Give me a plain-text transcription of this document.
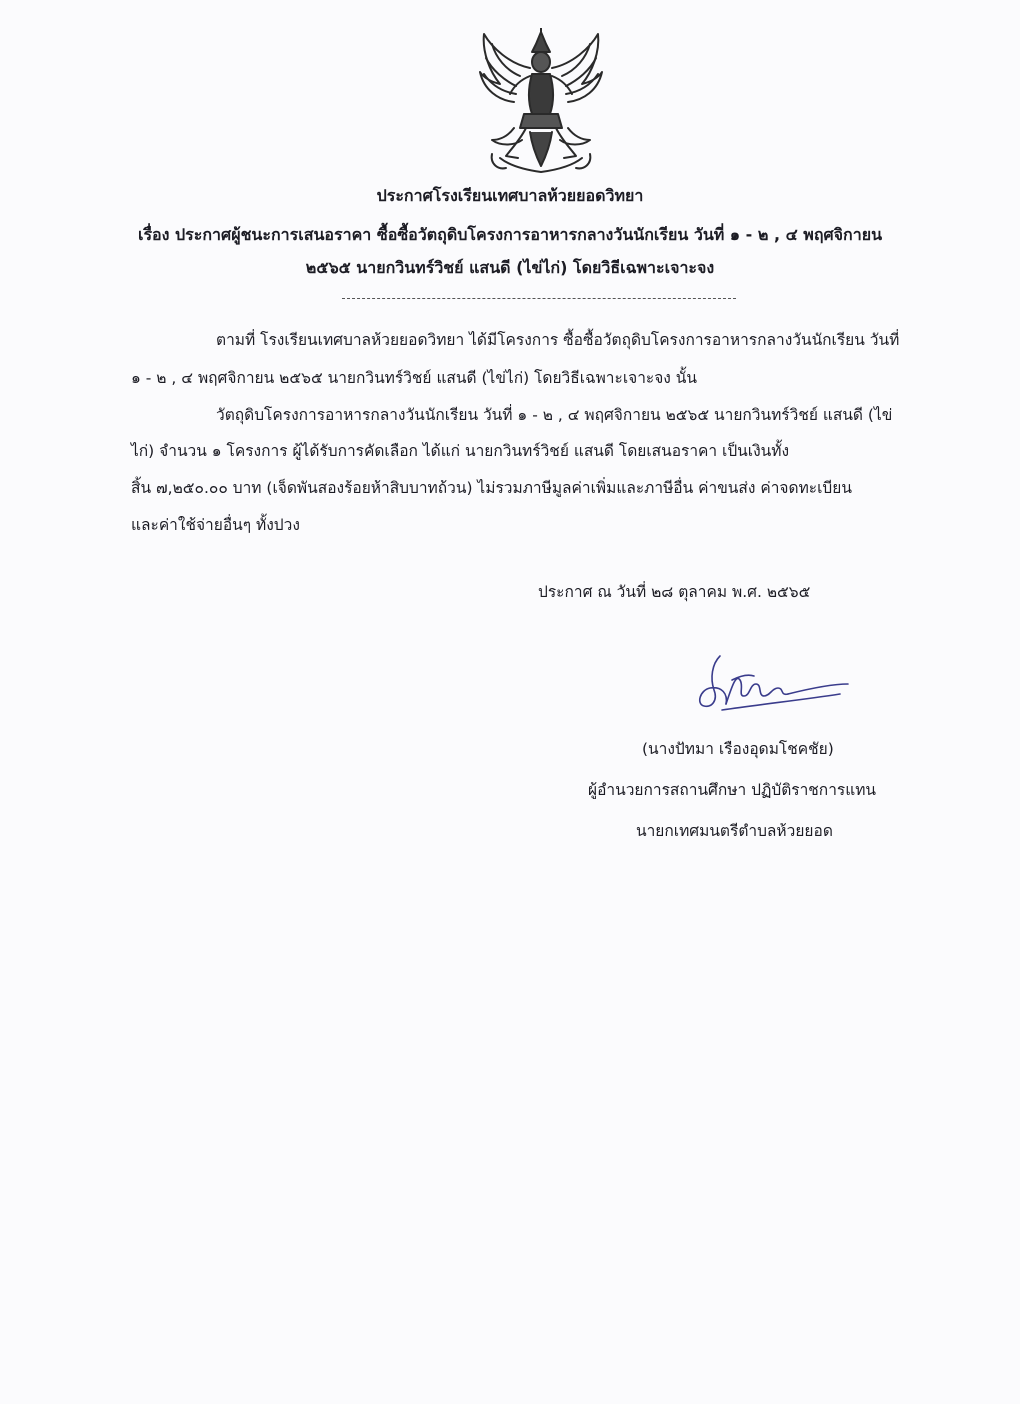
ประกาศโรงเรียนเทศบาลห้วยยอดวิทยา
เรื่อง ประกาศผู้ชนะการเสนอราคา ซื้อซื้อวัตถุดิบโครงการอาหารกลางวันนักเรียน วันที่ ๑ - ๒ , ๔ พฤศจิกายน
๒๕๖๕ นายกวินทร์วิชย์ แสนดี (ไข่ไก่) โดยวิธีเฉพาะเจาะจง
ตามที่ โรงเรียนเทศบาลห้วยยอดวิทยา ได้มีโครงการ ซื้อซื้อวัตถุดิบโครงการอาหารกลางวันนักเรียน วันที่
๑ - ๒ , ๔ พฤศจิกายน ๒๕๖๕ นายกวินทร์วิชย์ แสนดี (ไข่ไก่) โดยวิธีเฉพาะเจาะจง นั้น
วัตถุดิบโครงการอาหารกลางวันนักเรียน วันที่ ๑ - ๒ , ๔ พฤศจิกายน ๒๕๖๕ นายกวินทร์วิชย์ แสนดี (ไข่
ไก่) จำนวน ๑ โครงการ ผู้ได้รับการคัดเลือก ได้แก่ นายกวินทร์วิชย์ แสนดี โดยเสนอราคา เป็นเงินทั้ง
สิ้น ๗,๒๕๐.๐๐ บาท (เจ็ดพันสองร้อยห้าสิบบาทถ้วน) ไม่รวมภาษีมูลค่าเพิ่มและภาษีอื่น ค่าขนส่ง ค่าจดทะเบียน
และค่าใช้จ่ายอื่นๆ ทั้งปวง
ประกาศ ณ วันที่ ๒๘ ตุลาคม พ.ศ. ๒๕๖๕
(นางปัทมา เรืองอุดมโชคชัย)
ผู้อำนวยการสถานศึกษา ปฏิบัติราชการแทน
นายกเทศมนตรีตำบลห้วยยอด
